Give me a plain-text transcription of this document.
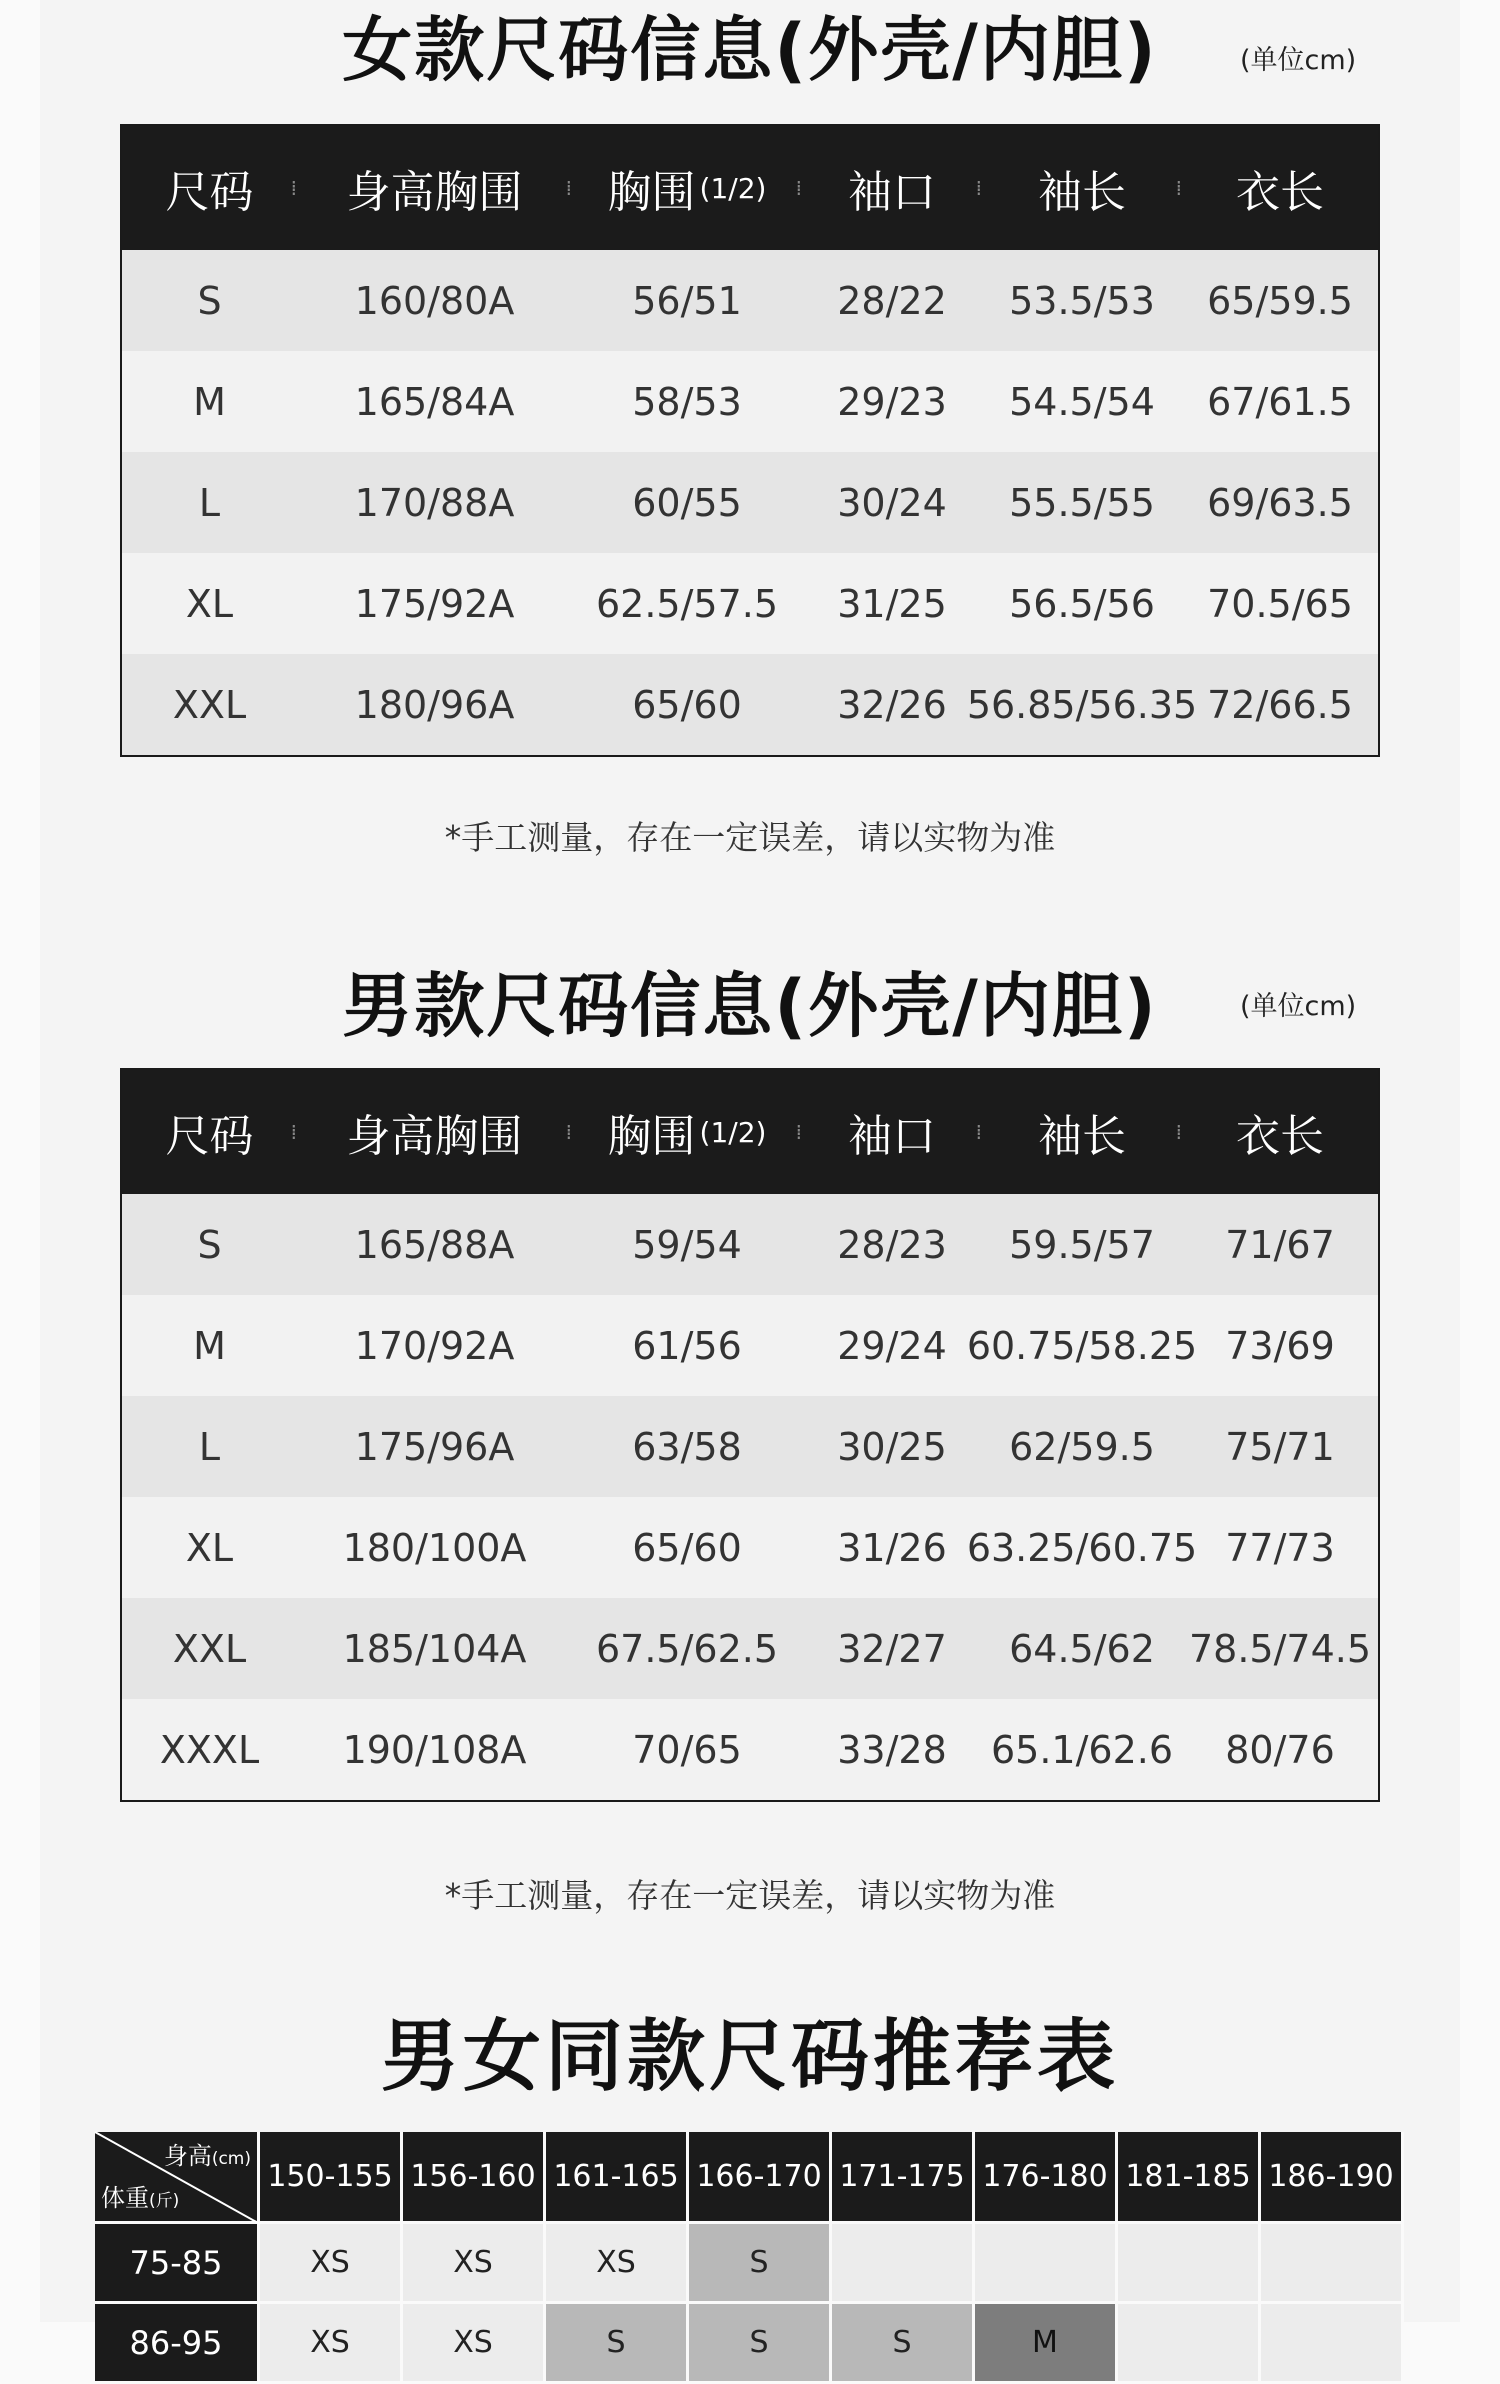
女款尺码信息(外壳/内胆)	(单位cm)
尺码 ⁞ 身高胸围 ⁞ 胸围 (1/2) ⁞ 袖口 ⁞ 袖长 ⁞ 衣长
S	160/80A	56/51	28/22	53.5/53	65/59.5
M	165/84A	58/53	29/23	54.5/54	67/61.5
L	170/88A	60/55	30/24	55.5/55	69/63.5
XL	175/92A	62.5/57.5	31/25	56.5/56	70.5/65
XXL	180/96A	65/60	32/26 56.85/56.35 72/66.5
*手工测量，存在一定误差，请以实物为准
男款尺码信息(外壳/内胆)	(单位cm)
尺码 ⁞ 身高胸围 ⁞ 胸围 (1/2) ⁞ 袖口 ⁞ 袖长 ⁞ 衣长
S	165/88A	59/54	28/23	59.5/57	71/67
M	170/92A	61/56	29/24 60.75/58.25 73/69
L	175/96A	63/58	30/25	62/59.5	75/71
XL	180/100A	65/60	31/26 63.25/60.75 77/73
XXL	185/104A	67.5/62.5	32/27	64.5/62 78.5/74.5
XXXL	190/108A	70/65	33/28	65.1/62.6	80/76
*手工测量，存在一定误差，请以实物为准
男女同款尺码推荐表
身高(cm)
体重(斤)
150-155 156-160 161-165 166-170 171-175 176-180 181-185 186-190
75-85	XS	XS	XS	S
86-95	XS	XS	S	S	S	M
